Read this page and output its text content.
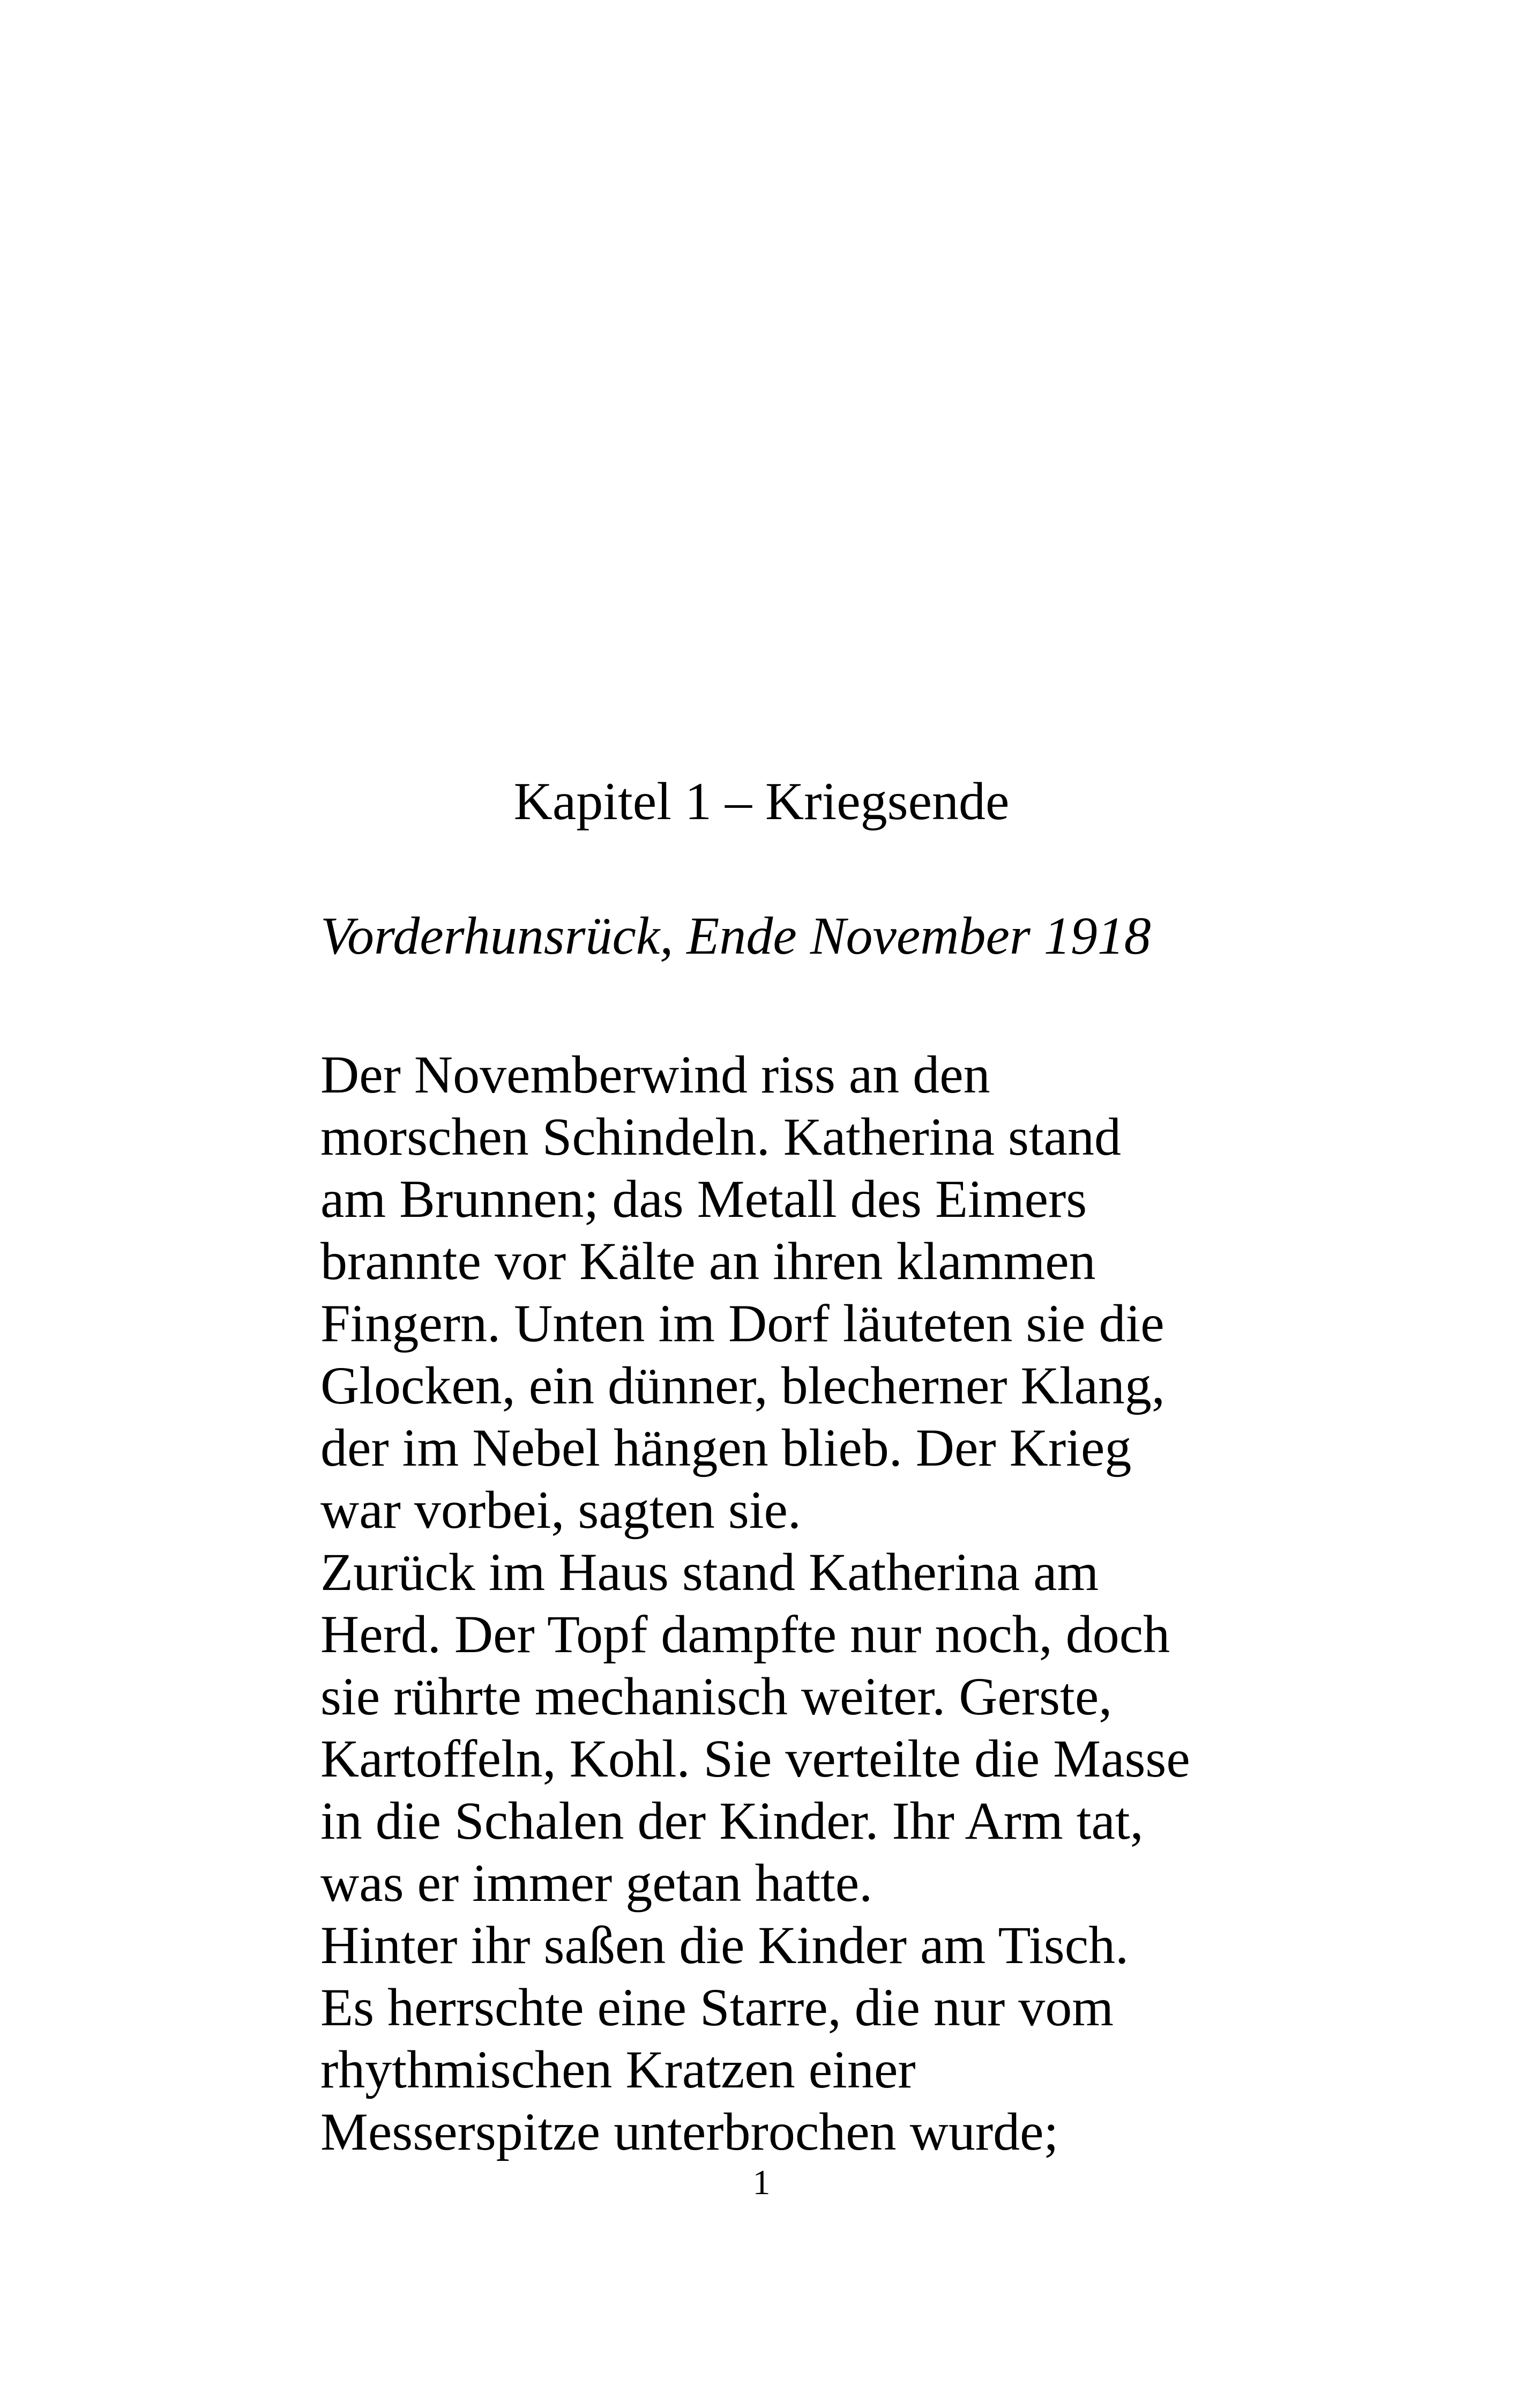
Kapitel 1 – Kriegsende

Vorderhunsrück, Ende November 1918

Der Novemberwind riss an den
morschen Schindeln. Katherina stand
am Brunnen; das Metall des Eimers
brannte vor Kälte an ihren klammen
Fingern. Unten im Dorf läuteten sie die
Glocken, ein dünner, blecherner Klang,
der im Nebel hängen blieb. Der Krieg
war vorbei, sagten sie.
Zurück im Haus stand Katherina am
Herd. Der Topf dampfte nur noch, doch
sie rührte mechanisch weiter. Gerste,
Kartoffeln, Kohl. Sie verteilte die Masse
in die Schalen der Kinder. Ihr Arm tat,
was er immer getan hatte.
Hinter ihr saßen die Kinder am Tisch.
Es herrschte eine Starre, die nur vom
rhythmischen Kratzen einer
Messerspitze unterbrochen wurde;
1
